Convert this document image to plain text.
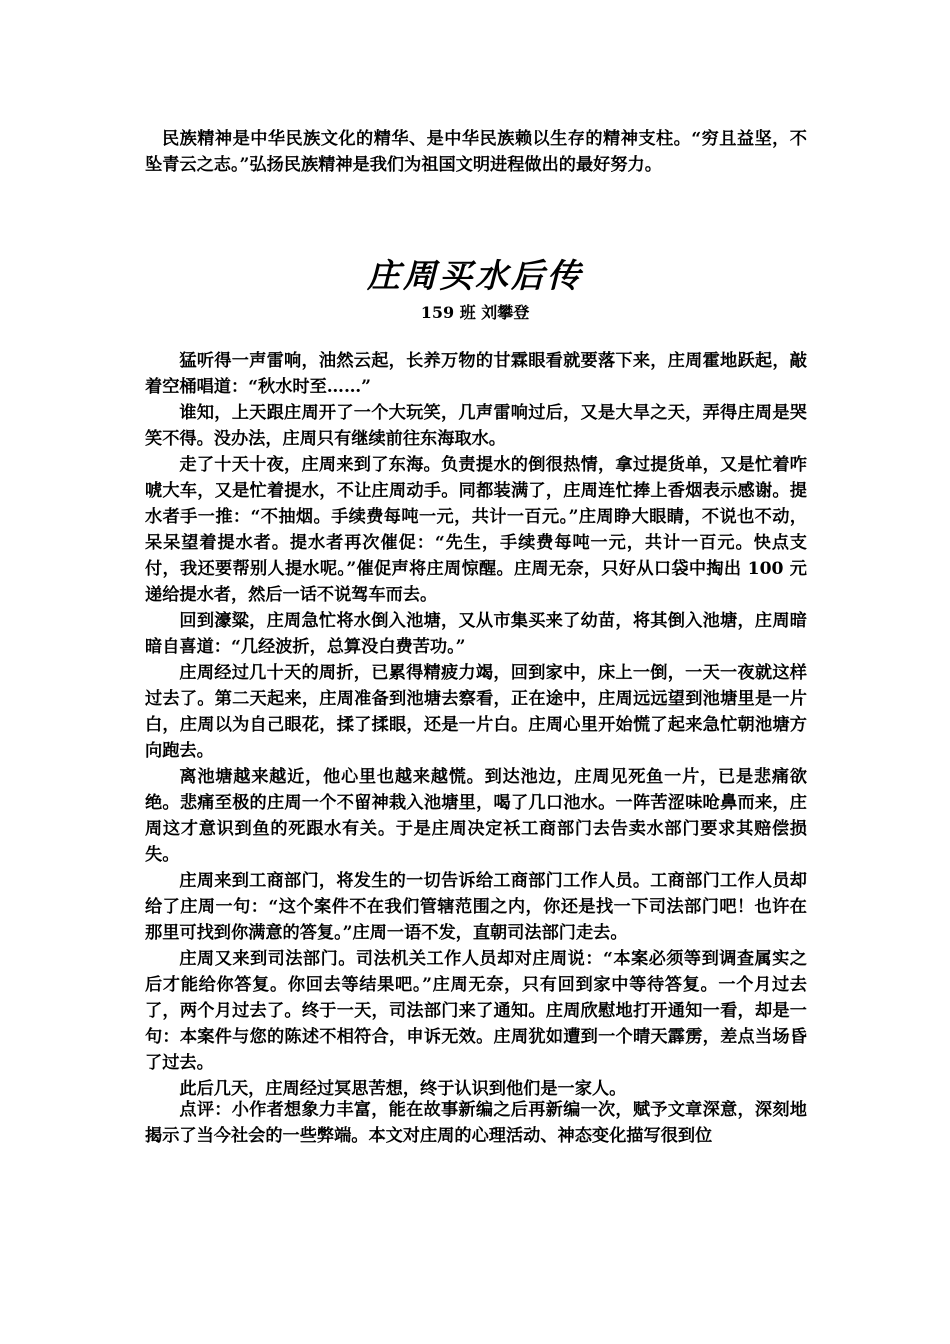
民族精神是中华民族文化的精华、是中华民族赖以生存的精神支柱。“穷且益坚，不坠青云之志。”弘扬民族精神是我们为祖国文明进程做出的最好努力。

庄周买水后传
159 班 刘攀登

猛听得一声雷响，油然云起，长养万物的甘霖眼看就要落下来，庄周霍地跃起，敲着空桶唱道：“秋水时至……”

谁知，上天跟庄周开了一个大玩笑，几声雷响过后，又是大旱之天，弄得庄周是哭笑不得。没办法，庄周只有继续前往东海取水。

走了十天十夜，庄周来到了东海。负责提水的倒很热情，拿过提货单，又是忙着咋唬大车，又是忙着提水，不让庄周动手。同都装满了，庄周连忙捧上香烟表示感谢。提水者手一推：“不抽烟。手续费每吨一元，共计一百元。”庄周睁大眼睛，不说也不动，呆呆望着提水者。提水者再次催促：“先生，手续费每吨一元，共计一百元。快点支付，我还要帮别人提水呢。”催促声将庄周惊醒。庄周无奈，只好从口袋中掏出 100 元递给提水者，然后一话不说驾车而去。

回到濠粱，庄周急忙将水倒入池塘，又从市集买来了幼苗，将其倒入池塘，庄周暗暗自喜道：“几经波折，总算没白费苦功。”

庄周经过几十天的周折，已累得精疲力竭，回到家中，床上一倒，一天一夜就这样过去了。第二天起来，庄周准备到池塘去察看，正在途中，庄周远远望到池塘里是一片白，庄周以为自己眼花，揉了揉眼，还是一片白。庄周心里开始慌了起来急忙朝池塘方向跑去。

离池塘越来越近，他心里也越来越慌。到达池边，庄周见死鱼一片，已是悲痛欲绝。悲痛至极的庄周一个不留神栽入池塘里，喝了几口池水。一阵苦涩味呛鼻而来，庄周这才意识到鱼的死跟水有关。于是庄周决定袄工商部门去告卖水部门要求其赔偿损失。

庄周来到工商部门，将发生的一切告诉给工商部门工作人员。工商部门工作人员却给了庄周一句：“这个案件不在我们管辖范围之内，你还是找一下司法部门吧！也许在那里可找到你满意的答复。”庄周一语不发，直朝司法部门走去。

庄周又来到司法部门。司法机关工作人员却对庄周说：“本案必须等到调查属实之后才能给你答复。你回去等结果吧。”庄周无奈，只有回到家中等待答复。一个月过去了，两个月过去了。终于一天，司法部门来了通知。庄周欣慰地打开通知一看，却是一句：本案件与您的陈述不相符合，申诉无效。庄周犹如遭到一个晴天霹雳，差点当场昏了过去。

此后几天，庄周经过冥思苦想，终于认识到他们是一家人。

点评：小作者想象力丰富，能在故事新编之后再新编一次，赋予文章深意，深刻地揭示了当今社会的一些弊端。本文对庄周的心理活动、神态变化描写很到位
